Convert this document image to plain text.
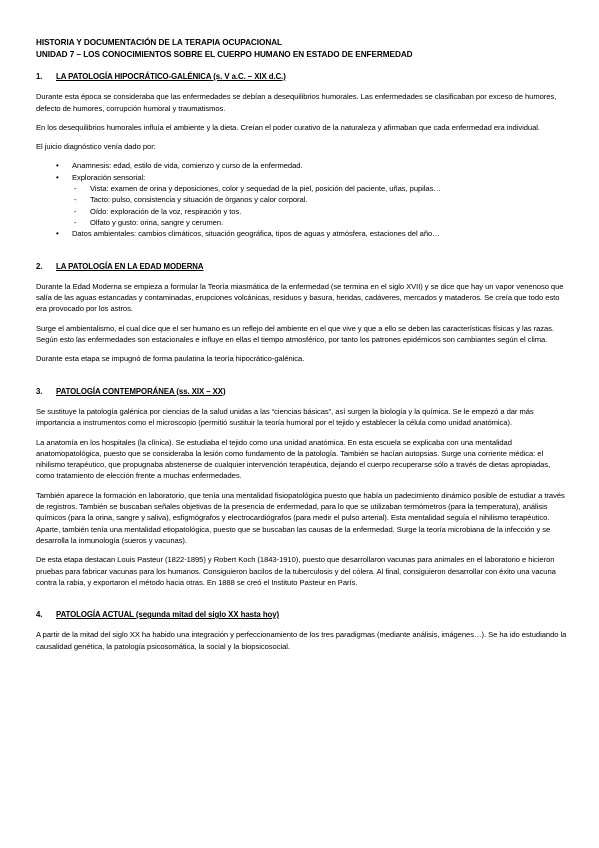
HISTORIA Y DOCUMENTACIÓN DE LA TERAPIA OCUPACIONAL

UNIDAD 7 – LOS CONOCIMIENTOS SOBRE EL CUERPO HUMANO EN ESTADO DE ENFERMEDAD

1.	LA PATOLOGÍA HIPOCRÁTICO-GALÉNICA (s. V a.C. – XIX d.C.)

Durante esta época se consideraba que las enfermedades se debían a desequilibrios humorales. Las enfermedades se clasificaban por exceso de humores, defecto de humores, corrupción humoral y traumatismos.

En los desequilibrios humorales influía el ambiente y la dieta. Creían el poder curativo de la naturaleza y afirmaban que cada enfermedad era individual.

El juicio diagnóstico venía dado por:

• Anamnesis: edad, estilo de vida, comienzo y curso de la enfermedad.
• Exploración sensorial:
- Vista: examen de orina y deposiciones, color y sequedad de la piel, posición del paciente, uñas, pupilas…
- Tacto: pulso, consistencia y situación de órganos y calor corporal.
- Oído: exploración de la voz, respiración y tos.
- Olfato y gusto: orina, sangre y cerumen.
• Datos ambientales: cambios climáticos, situación geográfica, tipos de aguas y atmósfera, estaciones del año…
2.	LA PATOLOGÍA EN LA EDAD MODERNA

Durante la Edad Moderna se empieza a formular la Teoría miasmática de la enfermedad (se termina en el siglo XVII) y se dice que hay un vapor venenoso que salía de las aguas estancadas y contaminadas, erupciones volcánicas, residuos y basura, heridas, cadáveres, mercados y mataderos. Se creía que todo esto era provocado por los astros.

Surge el ambientalismo, el cual dice que el ser humano es un reflejo del ambiente en el que vive y que a ello se deben las características físicas y las razas. Según esto las enfermedades son estacionales e influye en ellas el tiempo atmosférico, por tanto los patrones epidémicos son cambiantes según el clima.

Durante esta etapa se impugnó de forma paulatina la teoría hipocrático-galénica.

3.	PATOLOGÍA CONTEMPORÁNEA (ss. XIX – XX)

Se sustituye la patología galénica por ciencias de la salud unidas a las “ciencias básicas”, así surgen la biología y la química. Se le empezó a dar más importancia a instrumentos como el microscopio (permitió sustituir la teoría humoral por el tejido y establecer la célula como unidad anatómica).

La anatomía en los hospitales (la clínica). Se estudiaba el tejido como una unidad anatómica. En esta escuela se explicaba con una mentalidad anatomopatológica, puesto que se consideraba la lesión como fundamento de la patología. También se hacían autopsias. Surge una corriente médica: el nihilismo terapéutico, que propugnaba abstenerse de cualquier intervención terapéutica, dejando el cuerpo recuperarse sólo a través de dietas apropiadas, como tratamiento de elección frente a muchas enfermedades.

También aparece la formación en laboratorio, que tenía una mentalidad fisiopatológica puesto que había un padecimiento dinámico posible de estudiar a través de registros. También se buscaban señales objetivas de la presencia de enfermedad, para lo que se utilizaban termómetros (para la temperatura), análisis químicos (para la orina, sangre y saliva), esfigmógrafos y electrocardiógrafos (para medir el pulso arterial). Esta mentalidad seguía el nihilismo terapéutico. Aparte, también tenía una mentalidad etiopatológica, puesto que se buscaban las causas de la enfermedad. Surge la teoría microbiana de la infección y se desarrolla la inmunología (sueros y vacunas).

De esta etapa destacan Louis Pasteur (1822-1895) y Robert Koch (1843-1910), puesto que desarrollaron vacunas para animales en el laboratorio e hicieron pruebas para fabricar vacunas para los humanos. Consiguieron bacilos de la tuberculosis y del cólera. Al final, consiguieron desarrollar con éxito una vacuna contra la rabia, y exportaron el método hacia otras. En 1888 se creó el Instituto Pasteur en París.

4.	PATOLOGÍA ACTUAL (segunda mitad del siglo XX hasta hoy)

A partir de la mitad del siglo XX ha habido una integración y perfeccionamiento de los tres paradigmas (mediante análisis, imágenes…). Se ha ido estudiando la causalidad genética, la patología psicosomática, la social y la biopsicosocial.
